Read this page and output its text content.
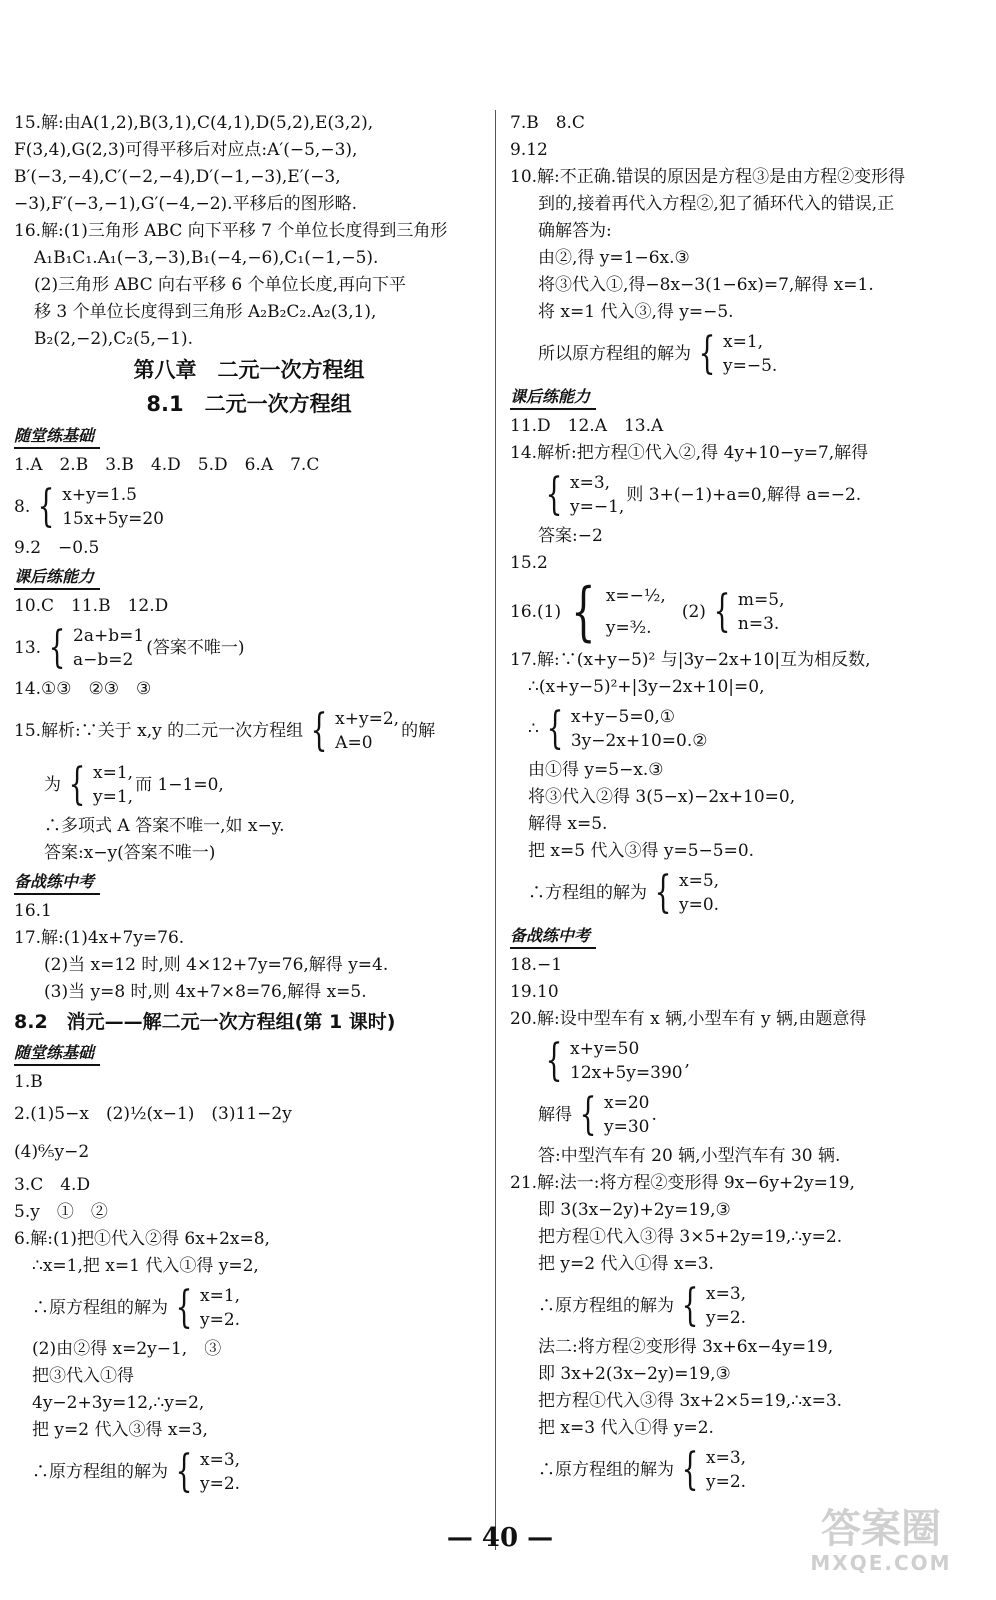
15.解:由A(1,2),B(3,1),C(4,1),D(5,2),E(3,2),
F(3,4),G(2,3)可得平移后对应点:A′(−5,−3),
B′(−3,−4),C′(−2,−4),D′(−1,−3),E′(−3,
−3),F′(−3,−1),G′(−4,−2).平移后的图形略.
16.解:(1)三角形 ABC 向下平移 7 个单位长度得到三角形
A₁B₁C₁.A₁(−3,−3),B₁(−4,−6),C₁(−1,−5).
(2)三角形 ABC 向右平移 6 个单位长度,再向下平
移 3 个单位长度得到三角形 A₂B₂C₂.A₂(3,1),
B₂(2,−2),C₂(5,−1).
第八章　二元一次方程组
8.1　二元一次方程组
随堂练基础
1.A　2.B　3.B　4.D　5.D　6.A　7.C
8. { x+y=1.5
15x+5y=20
9.2　−0.5
课后练能力
10.C　11.B　12.D
13. { 2a+b=1
a−b=2
(答案不唯一)
14.①③　②③　③
15.解析:∵关于 x,y 的二元一次方程组 { x+y=2,
A=0
的解
为 { x=1,
y=1,
而 1−1=0,
∴多项式 A 答案不唯一,如 x−y.
答案:x−y(答案不唯一)
备战练中考
16.1
17.解:(1)4x+7y=76.
(2)当 x=12 时,则 4×12+7y=76,解得 y=4.
(3)当 y=8 时,则 4x+7×8=76,解得 x=5.
8.2　消元——解二元一次方程组(第 1 课时)
随堂练基础
1.B
2.(1)5−x　(2)½(x−1)　(3)11−2y
(4)⁶⁄₅y−2
3.C　4.D
5.y　①　②
6.解:(1)把①代入②得 6x+2x=8,
∴x=1,把 x=1 代入①得 y=2,
∴原方程组的解为 { x=1,
y=2.
(2)由②得 x=2y−1,　③
把③代入①得
4y−2+3y=12,∴y=2,
把 y=2 代入③得 x=3,
∴原方程组的解为 { x=3,
y=2.
7.B　8.C
9.12
10.解:不正确.错误的原因是方程③是由方程②变形得
到的,接着再代入方程②,犯了循环代入的错误,正
确解答为:
由②,得 y=1−6x.③
将③代入①,得−8x−3(1−6x)=7,解得 x=1.
将 x=1 代入③,得 y=−5.
所以原方程组的解为 { x=1,
y=−5.
课后练能力
11.D　12.A　13.A
14.解析:把方程①代入②,得 4y+10−y=7,解得
{ x=3,
y=−1,
则 3+(−1)+a=0,解得 a=−2.
答案:−2
15.2
16.(1) { x=−½,
y=³⁄₂.
(2) { m=5,
n=3.
17.解:∵(x+y−5)² 与|3y−2x+10|互为相反数,
∴(x+y−5)²+|3y−2x+10|=0,
∴ { x+y−5=0,①
3y−2x+10=0.②
由①得 y=5−x.③
将③代入②得 3(5−x)−2x+10=0,
解得 x=5.
把 x=5 代入③得 y=5−5=0.
∴方程组的解为 { x=5,
y=0.
备战练中考
18.−1
19.10
20.解:设中型车有 x 辆,小型车有 y 辆,由题意得
{ x+y=50
12x+5y=390
,
解得 { x=20
y=30
.
答:中型汽车有 20 辆,小型汽车有 30 辆.
21.解:法一:将方程②变形得 9x−6y+2y=19,
即 3(3x−2y)+2y=19,③
把方程①代入③得 3×5+2y=19,∴y=2.
把 y=2 代入①得 x=3.
∴原方程组的解为 { x=3,
y=2.
法二:将方程②变形得 3x+6x−4y=19,
即 3x+2(3x−2y)=19,③
把方程①代入③得 3x+2×5=19,∴x=3.
把 x=3 代入①得 y=2.
∴原方程组的解为 { x=3,
y=2.
— 40 —	答案圈
MXQE.COM
